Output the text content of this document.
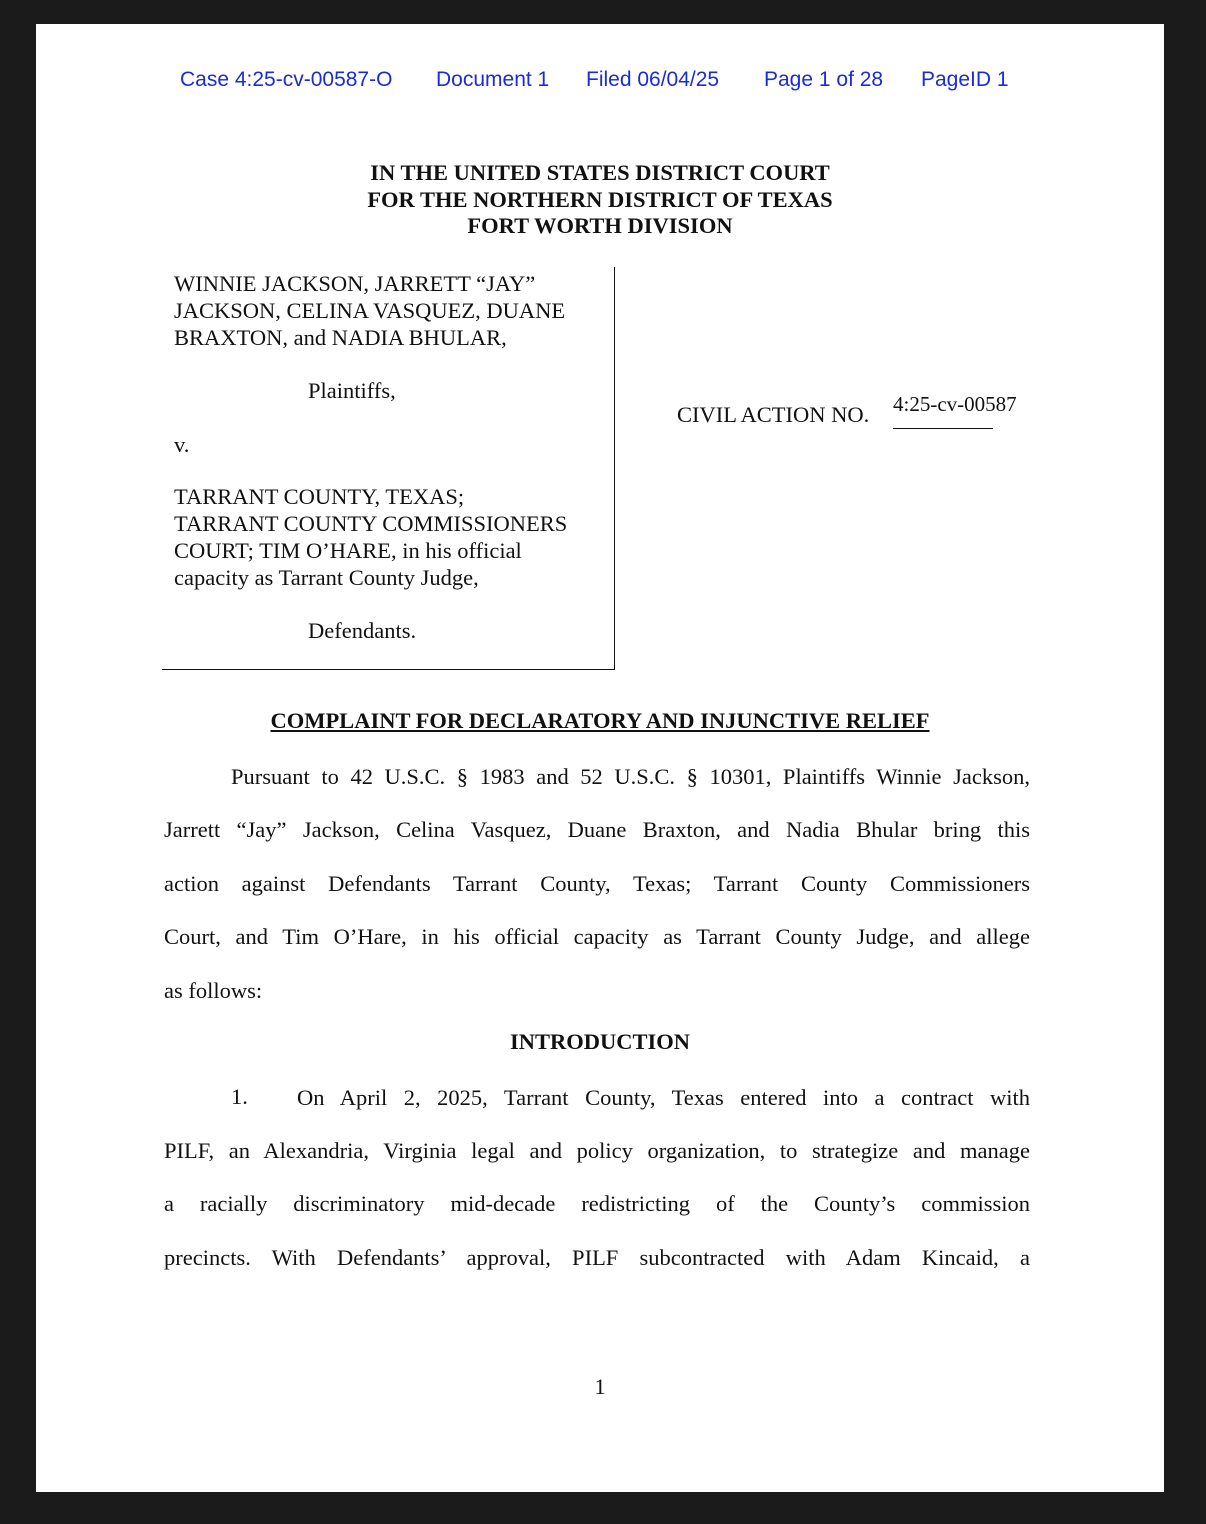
Case 4:25-cv-00587-O Document 1 Filed 06/04/25 Page 1 of 28 PageID 1
IN THE UNITED STATES DISTRICT COURT
FOR THE NORTHERN DISTRICT OF TEXAS
FORT WORTH DIVISION
WINNIE JACKSON, JARRETT “JAY”
JACKSON, CELINA VASQUEZ, DUANE
BRAXTON, and NADIA BHULAR,
Plaintiffs,
v.
TARRANT COUNTY, TEXAS;
TARRANT COUNTY COMMISSIONERS
COURT; TIM O’HARE, in his official
capacity as Tarrant County Judge,
Defendants.
CIVIL ACTION NO. 4:25-cv-00587
COMPLAINT FOR DECLARATORY AND INJUNCTIVE RELIEF
Pursuant to 42 U.S.C. § 1983 and 52 U.S.C. § 10301, Plaintiffs Winnie Jackson,
Jarrett “Jay” Jackson, Celina Vasquez, Duane Braxton, and Nadia Bhular bring this
action against Defendants Tarrant County, Texas; Tarrant County Commissioners
Court, and Tim O’Hare, in his official capacity as Tarrant County Judge, and allege
as follows:
INTRODUCTION
1. On April 2, 2025, Tarrant County, Texas entered into a contract with
PILF, an Alexandria, Virginia legal and policy organization, to strategize and manage
a racially discriminatory mid-decade redistricting of the County’s commission
precincts. With Defendants’ approval, PILF subcontracted with Adam Kincaid, a
1
